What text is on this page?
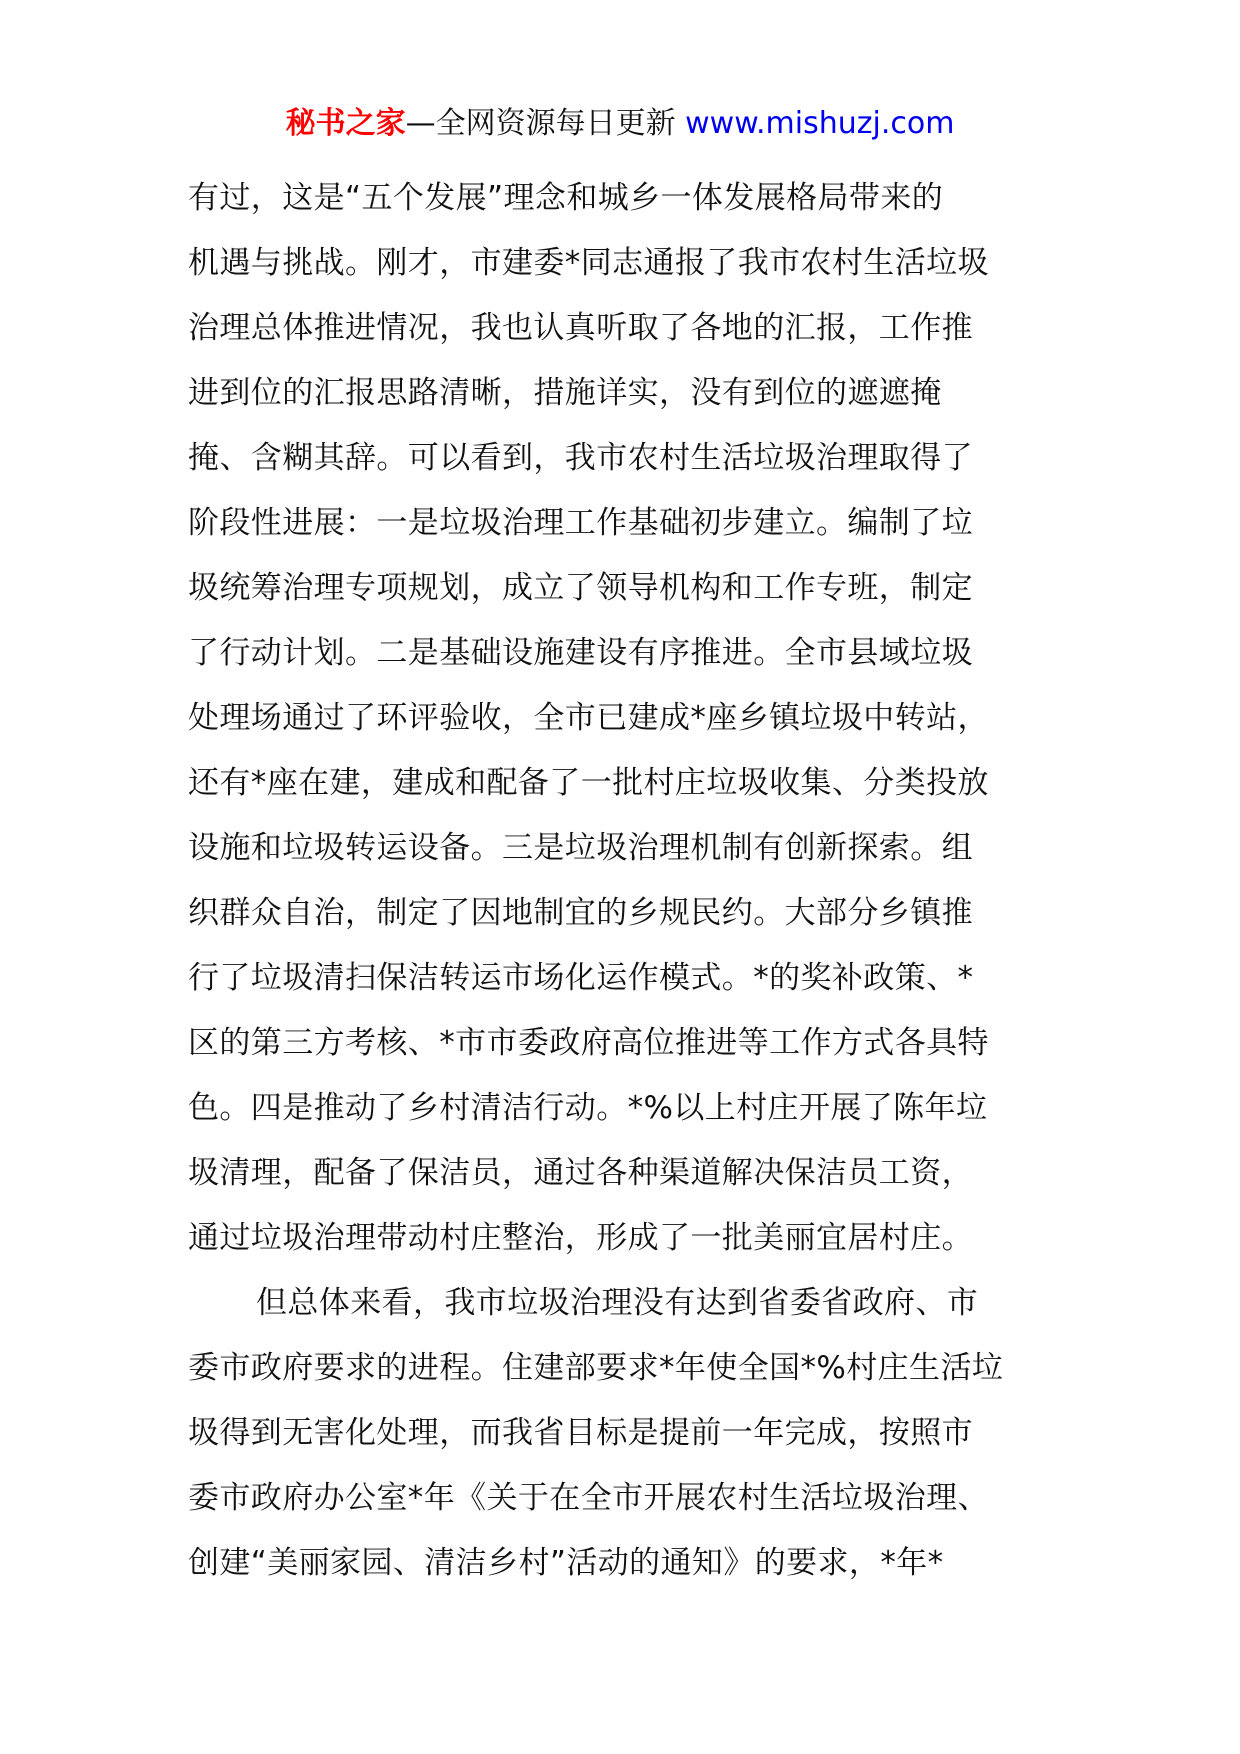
秘书之家—全网资源每日更新 www.mishuzj.com
有过，这是“五个发展”理念和城乡一体发展格局带来的
机遇与挑战。刚才，市建委*同志通报了我市农村生活垃圾
治理总体推进情况，我也认真听取了各地的汇报，工作推
进到位的汇报思路清晰，措施详实，没有到位的遮遮掩
掩、含糊其辞。可以看到，我市农村生活垃圾治理取得了
阶段性进展：一是垃圾治理工作基础初步建立。编制了垃
圾统筹治理专项规划，成立了领导机构和工作专班，制定
了行动计划。二是基础设施建设有序推进。全市县域垃圾
处理场通过了环评验收，全市已建成*座乡镇垃圾中转站，
还有*座在建，建成和配备了一批村庄垃圾收集、分类投放
设施和垃圾转运设备。三是垃圾治理机制有创新探索。组
织群众自治，制定了因地制宜的乡规民约。大部分乡镇推
行了垃圾清扫保洁转运市场化运作模式。*的奖补政策、*
区的第三方考核、*市市委政府高位推进等工作方式各具特
色。四是推动了乡村清洁行动。*%以上村庄开展了陈年垃
圾清理，配备了保洁员，通过各种渠道解决保洁员工资，
通过垃圾治理带动村庄整治，形成了一批美丽宜居村庄。
但总体来看，我市垃圾治理没有达到省委省政府、市
委市政府要求的进程。住建部要求*年使全国*%村庄生活垃
圾得到无害化处理，而我省目标是提前一年完成，按照市
委市政府办公室*年《关于在全市开展农村生活垃圾治理、
创建“美丽家园、清洁乡村”活动的通知》的要求，*年*
